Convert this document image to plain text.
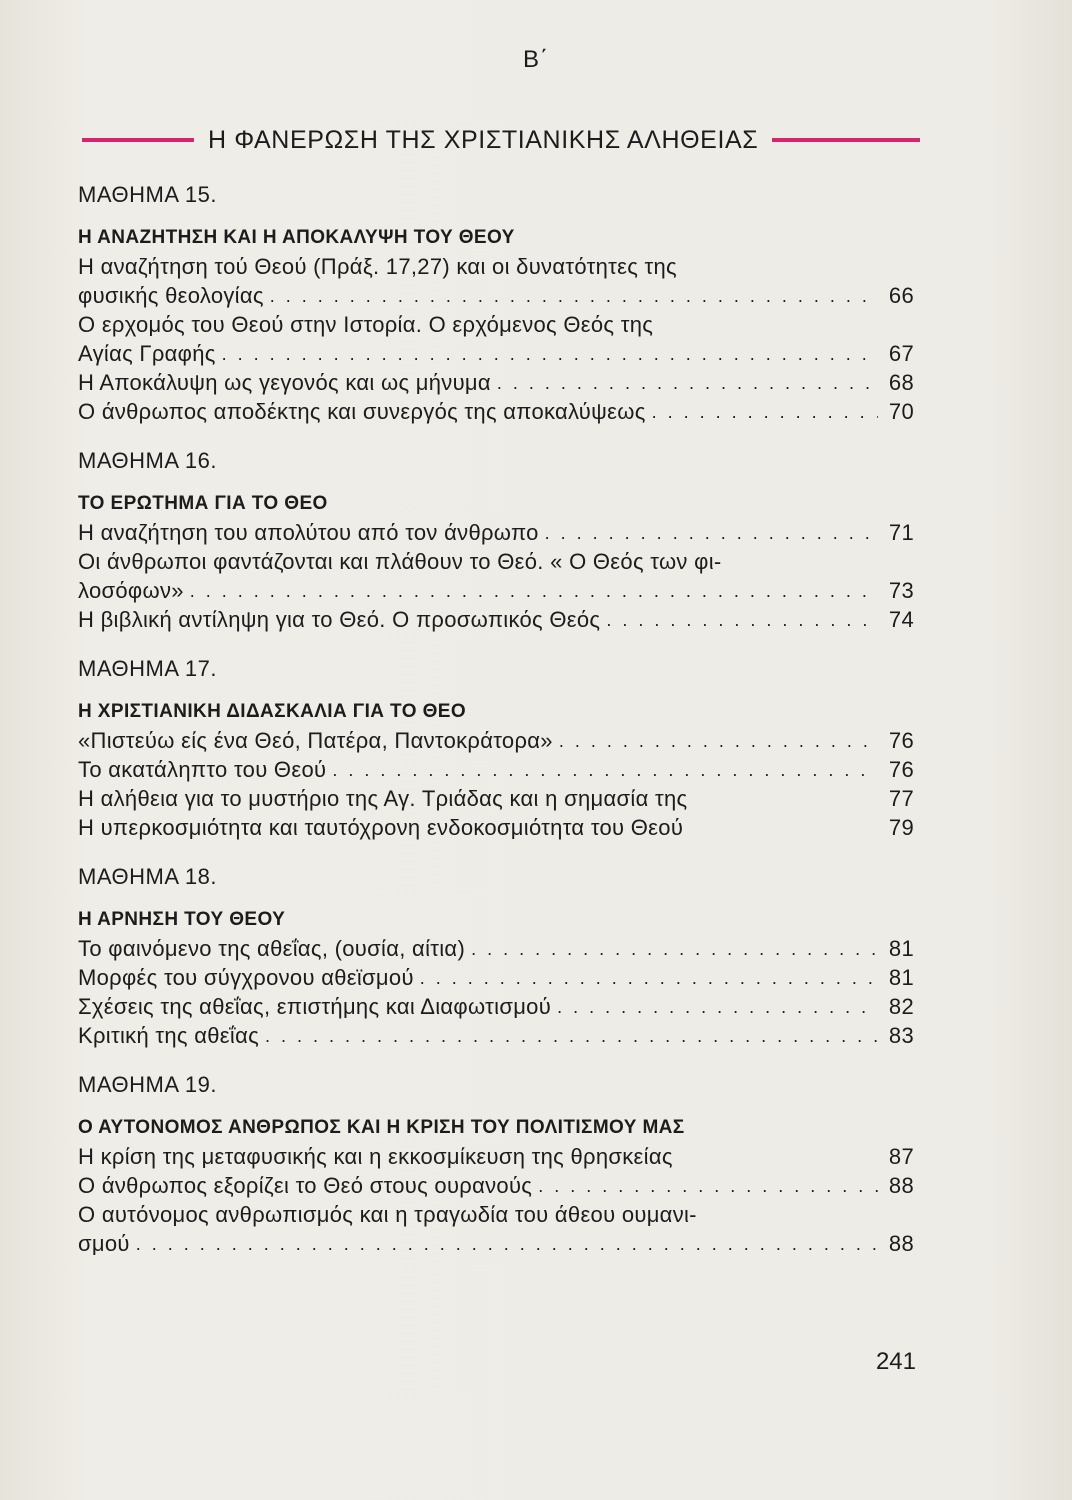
Β΄
Η ΦΑΝΕΡΩΣΗ ΤΗΣ ΧΡΙΣΤΙΑΝΙΚΗΣ ΑΛΗΘΕΙΑΣ
ΜΑΘΗΜΑ 15.
Η ΑΝΑΖΗΤΗΣΗ ΚΑΙ Η ΑΠΟΚΑΛΥΨΗ ΤΟΥ ΘΕΟΥ
Η αναζήτηση τού Θεού (Πράξ. 17,27) και οι δυνατότητες της
φυσικής θεολογίας . . .	66
Ο ερχομός του Θεού στην Ιστορία. Ο ερχόμενος Θεός της
Αγίας Γραφής . . .	67
Η Αποκάλυψη ως γεγονός και ως μήνυμα . . .	68
Ο άνθρωπος αποδέκτης και συνεργός της αποκαλύψεως . . .	70
ΜΑΘΗΜΑ 16.
ΤΟ ΕΡΩΤΗΜΑ ΓΙΑ ΤΟ ΘΕΟ
Η αναζήτηση του απολύτου από τον άνθρωπο . . .	71
Οι άνθρωποι φαντάζονται και πλάθουν το Θεό. « Ο Θεός των φι-
λοσόφων» . . .	73
Η βιβλική αντίληψη για το Θεό. Ο προσωπικός Θεός . . .	74
ΜΑΘΗΜΑ 17.
Η ΧΡΙΣΤΙΑΝΙΚΗ ΔΙΔΑΣΚΑΛΙΑ ΓΙΑ ΤΟ ΘΕΟ
«Πιστεύω είς ένα Θεό, Πατέρα, Παντοκράτορα» . . .	76
Το ακατάληπτο του Θεού . . .	76
Η αλήθεια για το μυστήριο της Αγ. Τριάδας και η σημασία της	77
Η υπερκοσμιότητα και ταυτόχρονη ενδοκοσμιότητα του Θεού	79
ΜΑΘΗΜΑ 18.
Η ΑΡΝΗΣΗ ΤΟΥ ΘΕΟΥ
Το φαινόμενο της αθεΐας, (ουσία, αίτια) . . .	81
Μορφές του σύγχρονου αθεϊσμού . . .	81
Σχέσεις της αθεΐας, επιστήμης και Διαφωτισμού . . .	82
Κριτική της αθεΐας . . .	83
ΜΑΘΗΜΑ 19.
Ο ΑΥΤΟΝΟΜΟΣ ΑΝΘΡΩΠΟΣ ΚΑΙ Η ΚΡΙΣΗ ΤΟΥ ΠΟΛΙΤΙΣΜΟΥ ΜΑΣ
Η κρίση της μεταφυσικής και η εκκοσμίκευση της θρησκείας	87
Ο άνθρωπος εξορίζει το Θεό στους ουρανούς . . .	88
Ο αυτόνομος ανθρωπισμός και η τραγωδία του άθεου ουμανι-
σμού . . .	88
241
